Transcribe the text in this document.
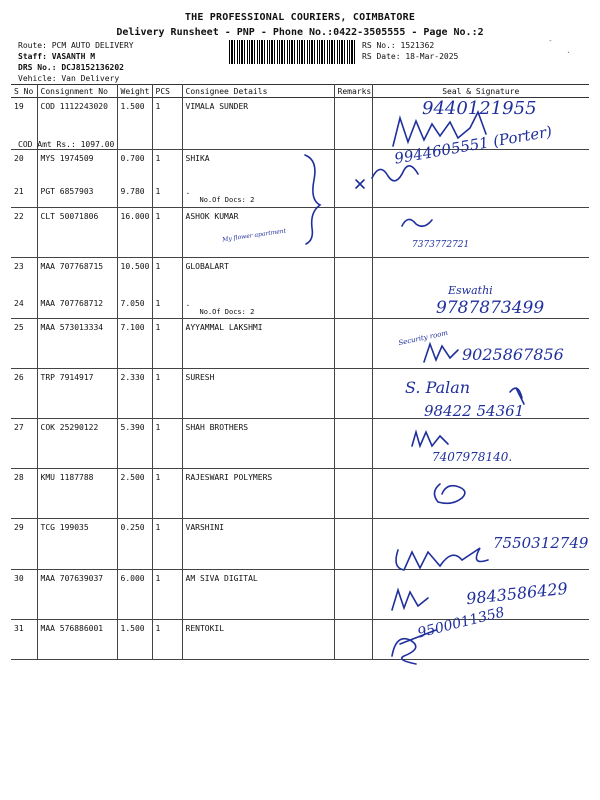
THE PROFESSIONAL COURIERS, COIMBATORE
Delivery Runsheet - PNP - Phone No.:0422-3505555 - Page No.:2
Route: PCM AUTO DELIVERY
Staff: VASANTH M
DRS No.: DCJ8152136202
Vehicle: Van Delivery
RS No.: 1521362
RS Date: 18-Mar-2025
-
·
S No	Consignment No	Weight	PCS	Consignee Details	Remarks	Seal & Signature
19	COD 1112243020	1.500	1	VIMALA SUNDER		
20	MYS 1974509	0.700	1	SHIKA		
21	PGT 6857903	9.780	1	.
No.Of Docs: 2		

22	CLT 50071806	16.000	1	ASHOK KUMAR		
23	MAA 707768715	10.500	1	GLOBALART		
24	MAA 707768712	7.050	1	.
No.Of Docs: 2		

25	MAA 573013334	7.100	1	AYYAMMAL LAKSHMI		
26	TRP 7914917	2.330	1	SURESH		
27	COK 25290122	5.390	1	SHAH BROTHERS		
28	KMU 1187788	2.500	1	RAJESWARI POLYMERS		
29	TCG 199035	0.250	1	VARSHINI		
30	MAA 707639037	6.000	1	AM SIVA DIGITAL		
31	MAA 576886001	1.500	1	RENTOKIL		
COD Amt Rs.: 1097.00
9440121955
9944605551 (Porter)
My flower apartment
7373772721
Eswathi
9787873499
Security room
9025867856
S. Palan
98422 54361
7407978140.
7550312749
9843586429
9500011358
